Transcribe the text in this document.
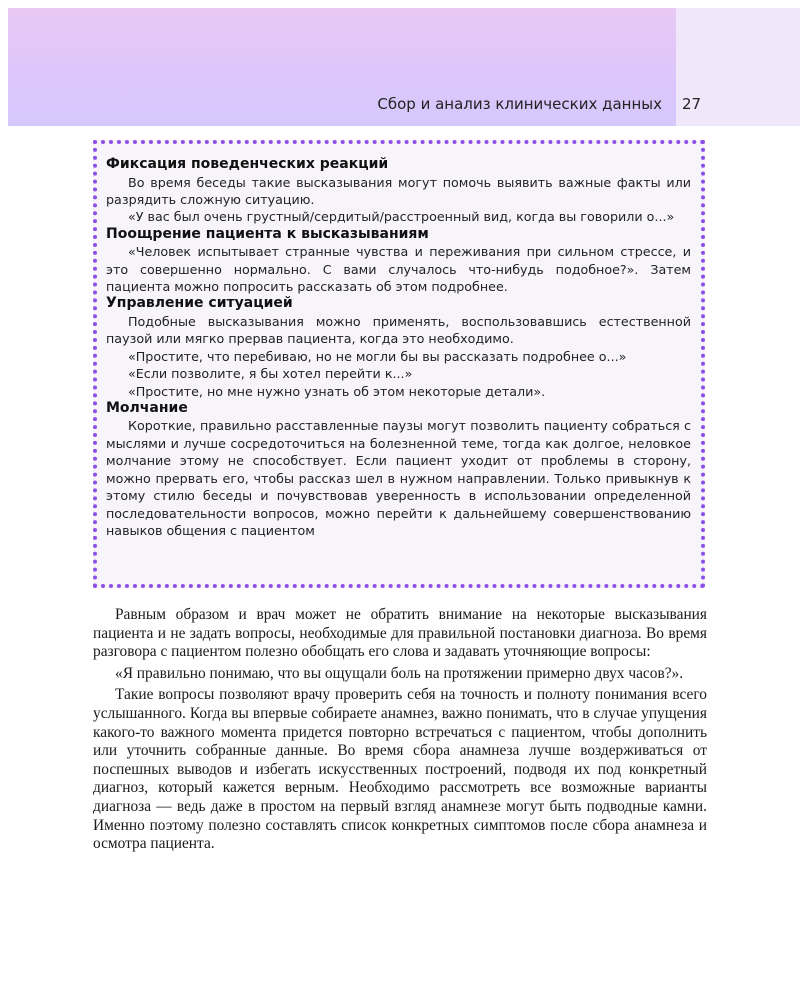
Сбор и анализ клинических данных 27
Фиксация поведенческих реакций

Во время беседы такие высказывания могут помочь выявить важные факты или разрядить сложную ситуацию.

«У вас был очень грустный/сердитый/расстроенный вид, когда вы говорили о...»

Поощрение пациента к высказываниям

«Человек испытывает странные чувства и переживания при сильном стрессе, и это совершенно нормально. С вами случалось что-нибудь подобное?». Затем пациента можно попросить рассказать об этом подробнее.

Управление ситуацией

Подобные высказывания можно применять, воспользовавшись естественной паузой или мягко прервав пациента, когда это необходимо.

«Простите, что перебиваю, но не могли бы вы рассказать подробнее о...»

«Если позволите, я бы хотел перейти к...»

«Простите, но мне нужно узнать об этом некоторые детали».

Молчание

Короткие, правильно расставленные паузы могут позволить пациенту собраться с мыслями и лучше сосредоточиться на болезненной теме, тогда как долгое, неловкое молчание этому не способствует. Если пациент уходит от проблемы в сторону, можно прервать его, чтобы рассказ шел в нужном направлении. Только привыкнув к этому стилю беседы и почувствовав уверенность в использовании определенной последовательности вопросов, можно перейти к дальнейшему совершенствованию навыков общения с пациентом

Равным образом и врач может не обратить внимание на некоторые высказывания пациента и не задать вопросы, необходимые для правильной постановки диагноза. Во время разговора с пациентом полезно обобщать его слова и задавать уточняющие вопросы:

«Я правильно понимаю, что вы ощущали боль на протяжении примерно двух часов?».

Такие вопросы позволяют врачу проверить себя на точность и полноту понимания всего услышанного. Когда вы впервые собираете анамнез, важно понимать, что в случае упущения какого-то важного момента придется повторно встречаться с пациентом, чтобы дополнить или уточнить собранные данные. Во время сбора анамнеза лучше воздерживаться от поспешных выводов и избегать искусственных построений, подводя их под конкретный диагноз, который кажется верным. Необходимо рассмотреть все возможные варианты диагноза — ведь даже в простом на первый взгляд анамнезе могут быть подводные камни. Именно поэтому полезно составлять список конкретных симптомов после сбора анамнеза и осмотра пациента.
